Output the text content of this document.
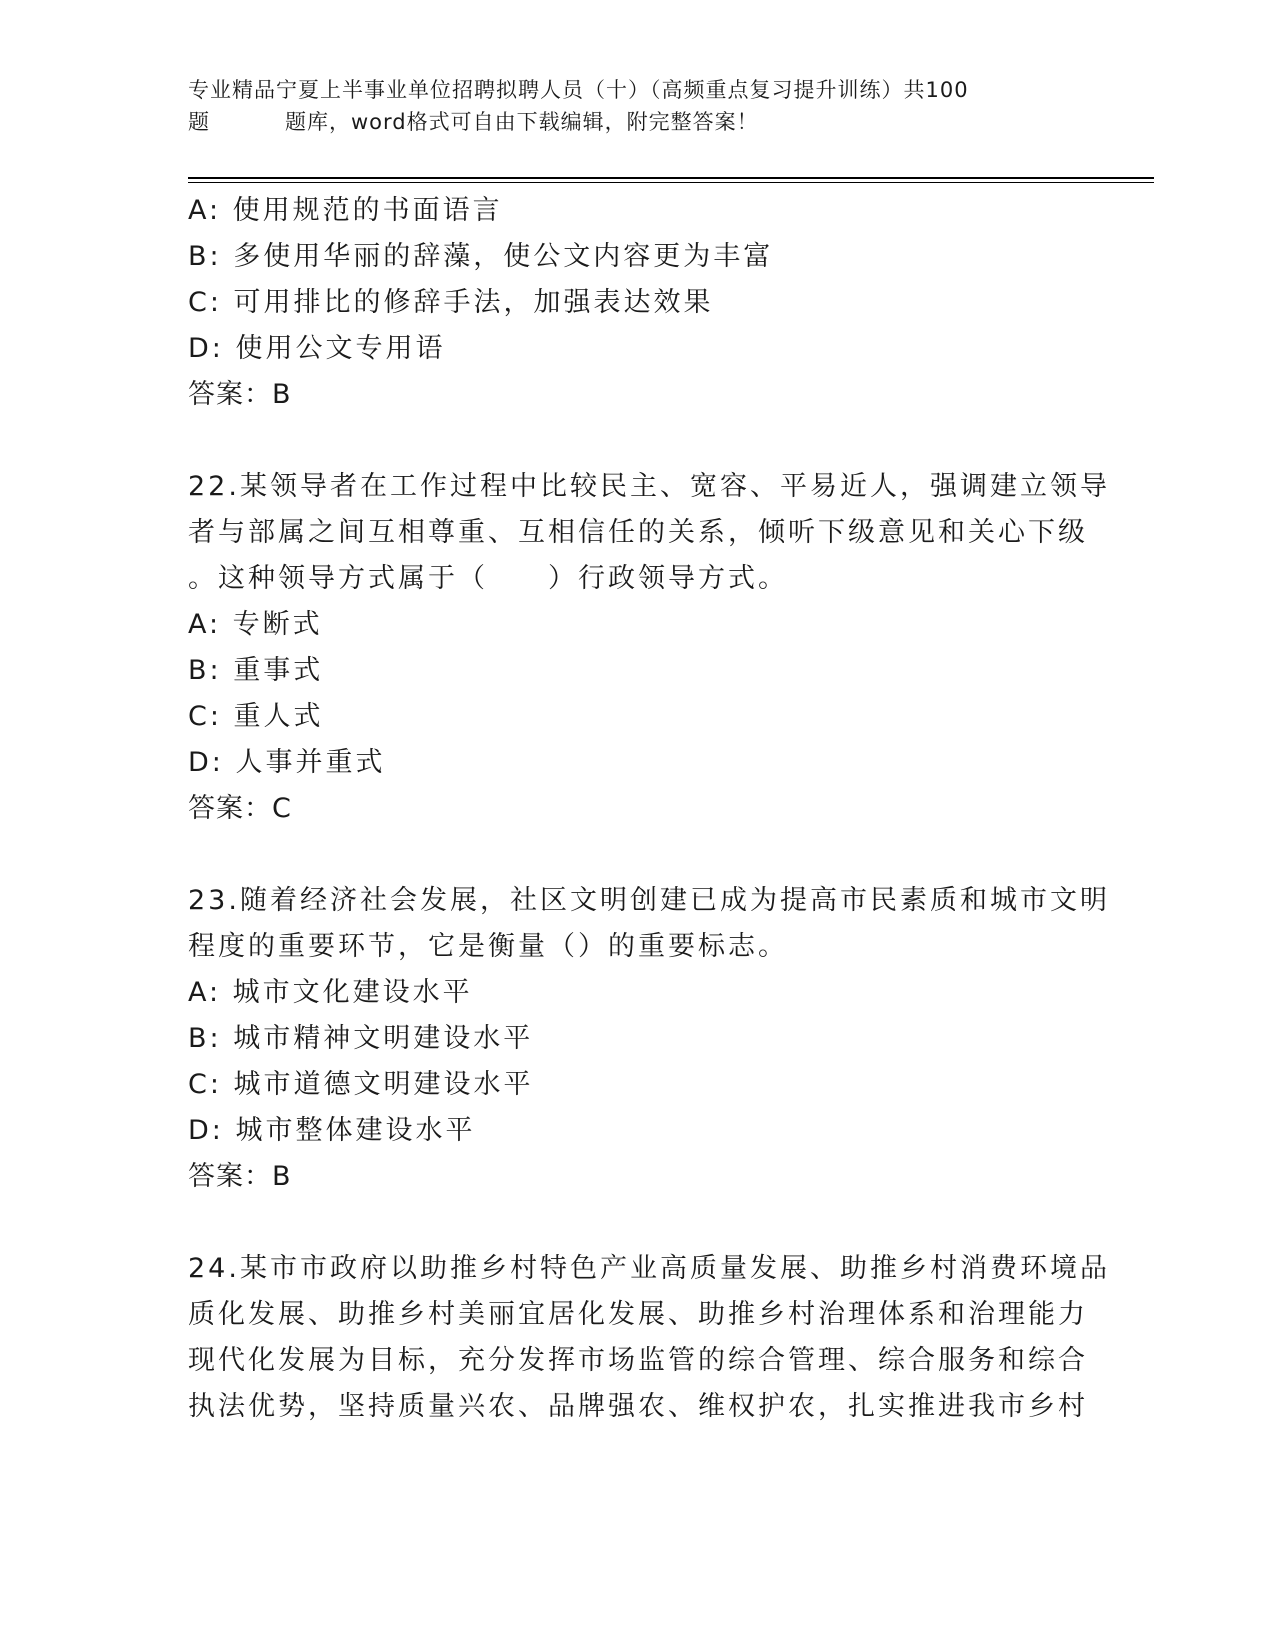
专业精品宁夏上半事业单位招聘拟聘人员（十）（高频重点复习提升训练）共100
题	题库，word格式可自由下载编辑，附完整答案！
A: 使用规范的书面语言
B: 多使用华丽的辞藻，使公文内容更为丰富
C: 可用排比的修辞手法，加强表达效果
D: 使用公文专用语
答案：B
22.某领导者在工作过程中比较民主、宽容、平易近人，强调建立领导
者与部属之间互相尊重、互相信任的关系，倾听下级意见和关心下级
。这种领导方式属于（　　）行政领导方式。
A: 专断式
B: 重事式
C: 重人式
D: 人事并重式
答案：C
23.随着经济社会发展，社区文明创建已成为提高市民素质和城市文明
程度的重要环节，它是衡量（）的重要标志。
A: 城市文化建设水平
B: 城市精神文明建设水平
C: 城市道德文明建设水平
D: 城市整体建设水平
答案：B
24.某市市政府以助推乡村特色产业高质量发展、助推乡村消费环境品
质化发展、助推乡村美丽宜居化发展、助推乡村治理体系和治理能力
现代化发展为目标，充分发挥市场监管的综合管理、综合服务和综合
执法优势，坚持质量兴农、品牌强农、维权护农，扎实推进我市乡村
